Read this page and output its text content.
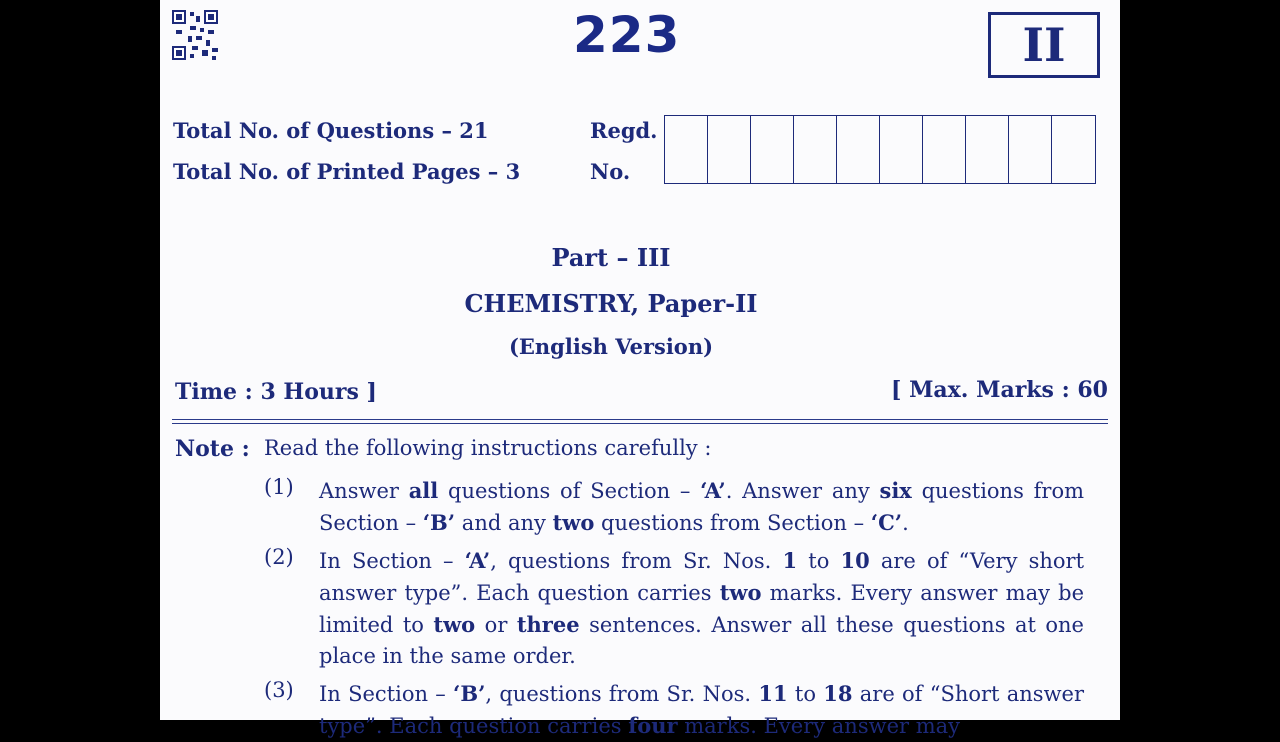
223	II
Total No. of Questions – 21
Total No. of Printed Pages – 3
Regd.
No.
Part – III
CHEMISTRY, Paper-II
(English Version)
Time : 3 Hours ]	[ Max. Marks : 60
Note : Read the following instructions carefully :
(1) Answer all questions of Section – ‘A’. Answer any six questions from Section – ‘B’ and any two questions from Section – ‘C’.
(2) In Section – ‘A’, questions from Sr. Nos. 1 to 10 are of “Very short answer type”. Each question carries two marks. Every answer may be limited to two or three sentences. Answer all these questions at one place in the same order.
(3) In Section – ‘B’, questions from Sr. Nos. 11 to 18 are of “Short answer type”. Each question carries four marks. Every answer may
